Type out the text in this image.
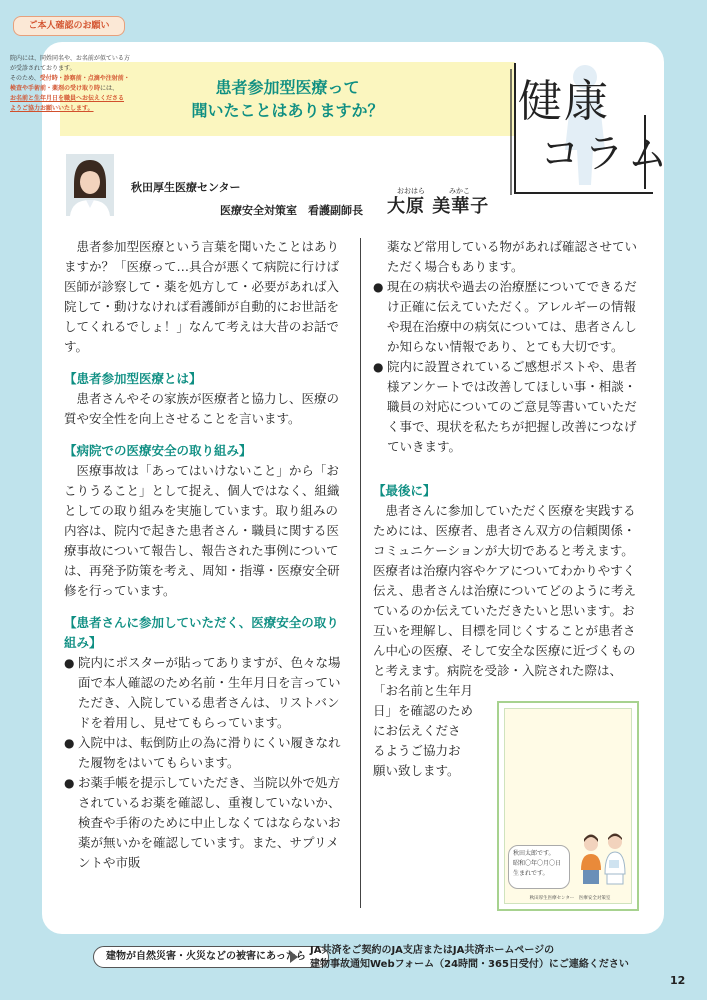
患者参加型医療って
聞いたことはありますか？	健康
コラム
秋田厚生医療センター
医療安全対策室　看護副師長
おおはら	みかこ
大原 美華子

患者参加型医療という言葉を聞いたことはありますか？「医療って…具合が悪くて病院に行けば医師が診察して・薬を処方して・必要があれば入院して・動けなければ看護師が自動的にお世話をしてくれるでしょ！」なんて考えは大昔のお話です。

【患者参加型医療とは】

患者さんやその家族が医療者と協力し、医療の質や安全性を向上させることを言います。

【病院での医療安全の取り組み】

医療事故は「あってはいけないこと」から「おこりうること」として捉え、個人ではなく、組織としての取り組みを実施しています。取り組みの内容は、院内で起きた患者さん・職員に関する医療事故について報告し、報告された事例については、再発予防策を考え、周知・指導・医療安全研修を行っています。

【患者さんに参加していただく、医療安全の取り組み】

● 院内にポスターが貼ってありますが、色々な場面で本人確認のため名前・生年月日を言っていただき、入院している患者さんは、リストバンドを着用し、見せてもらっています。

● 入院中は、転倒防止の為に滑りにくい履きなれた履物をはいてもらいます。

● お薬手帳を提示していただき、当院以外で処方されているお薬を確認し、重複していないか、検査や手術のために中止しなくてはならないお薬が無いかを確認しています。また、サプリメントや市販

薬など常用している物があれば確認させていただく場合もあります。

● 現在の病状や過去の治療歴についてできるだけ正確に伝えていただく。アレルギーの情報や現在治療中の病気については、患者さんしか知らない情報であり、とても大切です。

● 院内に設置されているご感想ポストや、患者様アンケートでは改善してほしい事・相談・職員の対応についてのご意見等書いていただく事で、現状を私たちが把握し改善につなげていきます。

【最後に】

患者さんに参加していただく医療を実践するためには、医療者、患者さん双方の信頼関係・コミュニケーションが大切であると考えます。医療者は治療内容やケアについてわかりやすく伝え、患者さんは治療についてどのように考えているのか伝えていただきたいと思います。お互いを理解し、目標を同じくすることが患者さん中心の医療、そして安全な医療に近づくものと考えます。病院を受診・入院された際は、

「お名前と生年月

日」を確認のため

にお伝えくださ

るようご協力お

願い致します。

ご本人確認のお願い
院内には、同姓同名や、お名前が似ている方
が受診されております。
そのため、受付時・診察前・点滴や注射前・
検査や手術前・薬剤の受け取り時には、
お名前と生年月日を職員へお伝えくださる
ようご協力お願いいたします。
秋田太郎です。
昭和〇年〇月〇日
生まれです。
秋田厚生医療センター　医療安全対策室
建物が自然災害・火災などの被害にあったら
JA共済をご契約のJA支店またはJA共済ホームページの
建物事故通知Webフォーム（24時間・365日受付）にご連絡ください
12
